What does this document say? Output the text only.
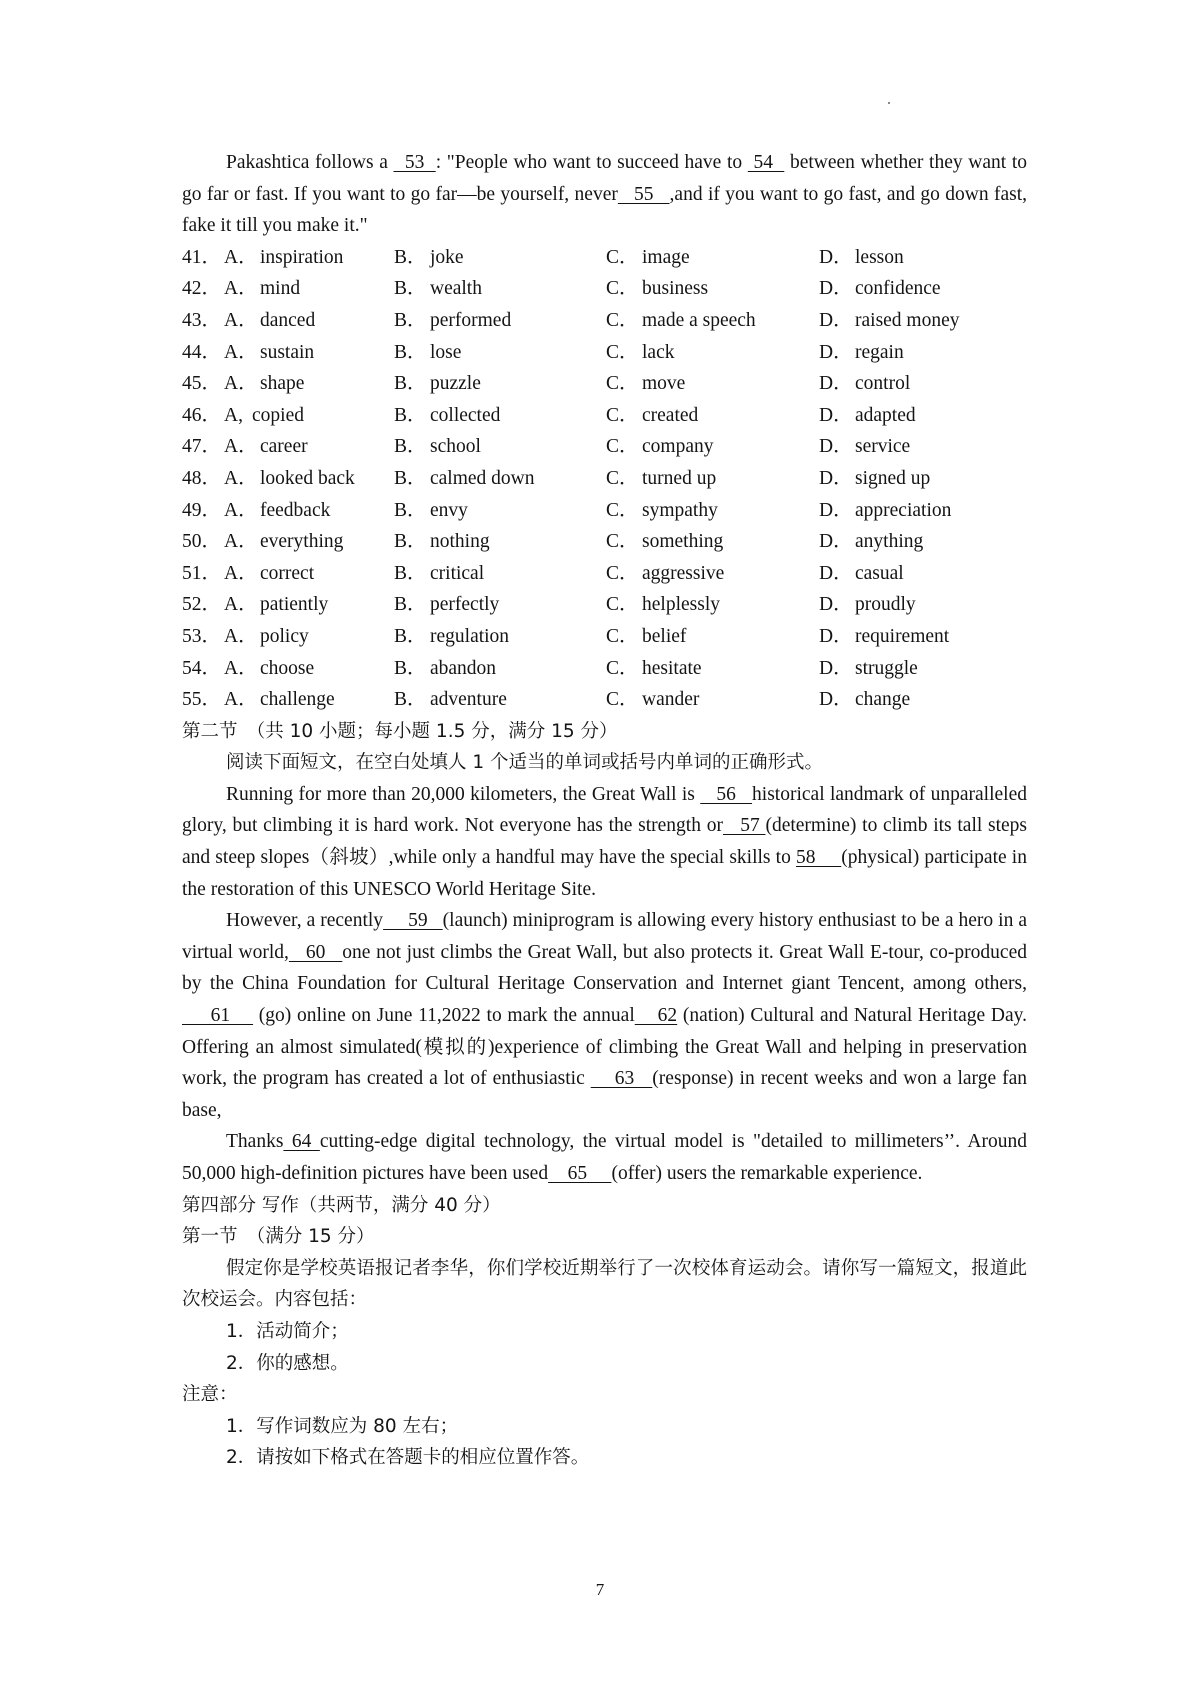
Pakashtica follows a   53  : "People who want to succeed have to  54   between whether they want to go far or fast. If you want to go far—be yourself, never   55   ,and if you want to go fast, and go down fast, fake it till you make it."

41． A． inspiration	B． joke	C． image	D． lesson
42． A． mind	B． wealth	C． business	D． confidence
43． A． danced	B． performed	C． made a speech	D． raised money
44． A． sustain	B． lose	C． lack	D． regain
45． A． shape	B． puzzle	C． move	D． control
46． A, copied	B． collected	C． created	D． adapted
47． A． career	B． school	C． company	D． service
48． A． looked back B． calmed down	C． turned up	D． signed up
49． A． feedback	B． envy	C． sympathy	D． appreciation
50． A． everything	B． nothing	C． something	D． anything
51． A． correct	B． critical	C． aggressive	D． casual
52． A． patiently	B． perfectly	C． helplessly	D． proudly
53． A． policy	B． regulation	C． belief	D． requirement
54． A． choose	B． abandon	C． hesitate	D． struggle
55． A． challenge	B． adventure	C． wander	D． change

第二节　（共 10 小题；每小题 1.5 分，满分 15 分）

阅读下面短文，在空白处填人 1 个适当的单词或括号内单词的正确形式。

Running for more than 20,000 kilometers, the Great Wall is    56   historical landmark of unparalleled glory, but climbing it is hard work. Not everyone has the strength or   57 (determine) to climb its tall steps and steep slopes（斜坡）,while only a handful may have the special skills to 58     (physical) participate in the restoration of this UNESCO World Heritage Site.

However, a recently     59   (launch) miniprogram is allowing every history enthusiast to be a hero in a virtual world,   60   one not just climbs the Great Wall, but also protects it. Great Wall E-tour, co-produced by the China Foundation for Cultural Heritage Conservation and Internet giant Tencent, among others,      61     (go) online on June 11,2022 to mark the annual    62 (nation) Cultural and Natural Heritage Day. Offering an almost simulated(模拟的)experience of climbing the Great Wall and helping in preservation work, the program has created a lot of enthusiastic     63   (response) in recent weeks and won a large fan base,

Thanks 64 cutting-edge digital technology, the virtual model is "detailed to millimeters’’. Around 50,000 high-definition pictures have been used    65     (offer) users the remarkable experience.

第四部分 写作（共两节，满分 40 分）

第一节　（满分 15 分）

假定你是学校英语报记者李华，你们学校近期举行了一次校体育运动会。请你写一篇短文，报道此次校运会。内容包括：

1．活动简介；

2．你的感想。

注意：

1．写作词数应为 80 左右；

2．请按如下格式在答题卡的相应位置作答。

7
